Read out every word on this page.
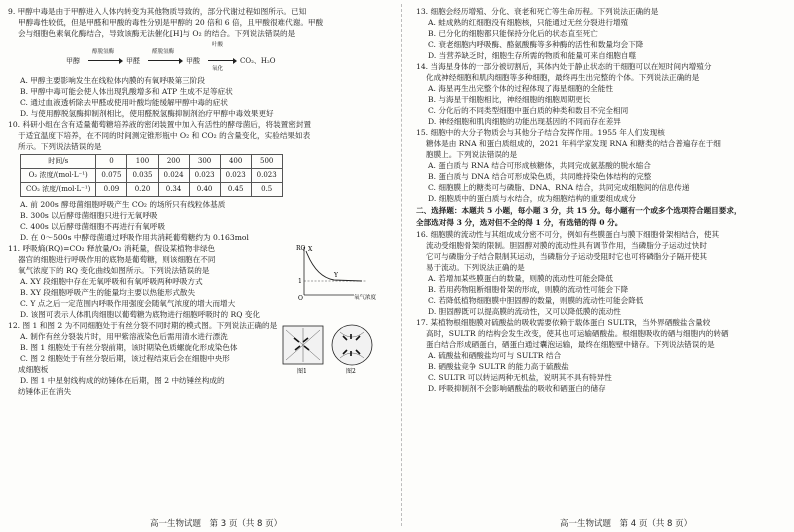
9. 甲醇中毒是由于甲醇进入人体内转变为其他物质导致的，部分代谢过程如图所示。已知

甲醇毒性较低，但是甲醛和甲酸的毒性分别是甲醇的 20 倍和 6 倍，且甲酸很难代谢。甲酸

会与细胞色素氧化酶结合，导致该酶无法催化[H]与 O₂ 的结合。下列说法错误的是

甲醇
醇脱氢酶
甲醛
醛脱氢酶
甲酸
叶酸
氧化
CO₂、H₂O

A. 甲醇主要影响发生在线粒体内膜的有氧呼吸第三阶段

B. 甲醇中毒可能会使人体出现乳酸增多和 ATP 生成不足等症状

C. 通过血液透析除去甲醛或使用叶酸均能缓解甲醇中毒的症状

D. 与使用醇脱氢酶抑制剂相比，使用醛脱氢酶抑制剂治疗甲醇中毒效果更好

10. 科研小组在含有适量葡萄糖培养液的密闭装置中加入有活性的酵母菌后，将装置密封置

于适宜温度下培养，在不同的时间测定锥形瓶中 O₂ 和 CO₂ 的含量变化，实验结果如表

所示。下列说法错误的是

时间/s	0	100	200	300	400	500
O₂ 浓度/(mol·L⁻¹)	0.075	0.035	0.024	0.023	0.023	0.023
CO₂ 浓度/(mol·L⁻¹)	0.09	0.20	0.34	0.40	0.45	0.5

A. 前 200s 酵母菌细胞呼吸产生 CO₂ 的场所只有线粒体基质

B. 300s 以后酵母菌细胞只进行无氧呼吸

C. 400s 以后酵母菌细胞不再进行有氧呼吸

D. 在 0～500s 中酵母菌通过呼吸作用共消耗葡萄糖约为 0.163mol

11. 呼吸熵(RQ)=CO₂ 释放量/O₂ 消耗量，假设某植物非绿色

器官的细胞进行呼吸作用的底物是葡萄糖，则该细胞在不同

氧气浓度下的 RQ 变化曲线如图所示。下列说法错误的是

A. XY 段细胞中存在无氧呼吸和有氧呼吸两种呼吸方式

B. XY 段细胞呼吸产生的能量均主要以热能形式散失

C. Y 点之后一定范围内呼吸作用强度会随氧气浓度的增大而增大

D. 该图可表示人体肌肉细胞以葡萄糖为底物进行细胞呼吸时的 RQ 变化

RQ X
Y
1
O	氧气浓度

12. 图 1 和图 2 为不同细胞处于有丝分裂不同时期的模式图。下列说法正确的是

A. 制作有丝分裂装片时，用甲紫溶液染色后需用清水进行漂洗

B. 图 1 细胞处于有丝分裂前期，该时期染色质螺旋化形成染色体

C. 图 2 细胞处于有丝分裂后期，该过程结束后会在细胞中央形

成细胞板

D. 图 1 中星射线构成的纺锤体在后期，图 2 中纺锤丝构成的

纺锤体正在消失

图1	图2

13. 细胞会经历增殖、分化、衰老和死亡等生命历程。下列说法正确的是

A. 蛙成熟的红细胞没有细胞核，只能通过无丝分裂进行增殖

B. 已分化的细胞都只能保持分化后的状态直至死亡

C. 衰老细胞内呼吸酶、酪氨酸酶等多种酶的活性和数量均会下降

D. 当营养缺乏时，细胞生存所需的物质和能量可来自细胞自噬

14. 当海星身体的一部分被切割后，其体内处于静止状态的干细胞可以在短时间内增殖分

化成神经细胞和肌肉细胞等多种细胞，最终再生出完整的个体。下列说法正确的是

A. 海星再生出完整个体的过程体现了海星细胞的全能性

B. 与海星干细胞相比，神经细胞的细胞周期更长

C. 分化后的不同类型细胞中蛋白质的种类和数目不完全相同

D. 神经细胞和肌肉细胞的功能出现基因的不同而存在差异

15. 细胞中的大分子物质会与其他分子结合发挥作用。1955 年人们发现核

糖体是由 RNA 和蛋白质组成的，2021 年科学家发现 RNA 和糖类的结合普遍存在于细

胞膜上。下列说法错误的是

A. 蛋白质与 RNA 结合可形成核糖体，共同完成氨基酸的脱水缩合

B. 蛋白质与 DNA 结合可形成染色质，共同维持染色体结构的完整

C. 细胞膜上的糖类可与磷脂、DNA、RNA 结合，共同完成细胞间的信息传递

D. 细胞质中的蛋白质与水结合，成为细胞结构的重要组成成分

二、选择题：本题共 5 小题，每小题 3 分，共 15 分。每小题有一个或多个选项符合题目要求，

全部选对得 3 分，选对但不全的得 1 分，有选错的得 0 分。

16. 细胞膜的流动性与其组成成分密不可分，例如有些膜蛋白与膜下细胞骨架相结合，使其

流动受细胞骨架的限制。胆固醇对膜的流动性具有调节作用，当磷脂分子运动过快时

它可与磷脂分子结合限制其运动，当磷脂分子运动受阻时它也可将磷脂分子隔开使其

易于流动。下列说法正确的是

A. 若增加某些膜蛋白的数量，则膜的流动性可能会降低

B. 若用药物阻断细胞骨架的形成，则膜的流动性可能会下降

C. 若降低植物细胞膜中胆固醇的数量，则膜的流动性可能会降低

D. 胆固醇既可以提高膜的流动性，又可以降低膜的流动性

17. 某植物根细胞膜对硫酸盐的吸收需要依赖于载体蛋白 SULTR，当外界硒酸盐含量较

高时，SULTR 的结构会发生改变，使其也可运输硒酸盐。根细胞吸收的硒与细胞内的转硒

蛋白结合形成硒蛋白，硒蛋白通过囊泡运输，最终在细胞壁中储存。下列说法错误的是

A. 硫酸盐和硒酸盐均可与 SULTR 结合

B. 硒酸盐竞争 SULTR 的能力高于硫酸盐

C. SULTR 可以转运两种无机盐，说明其不具有特异性

D. 呼吸抑制剂不会影响硒酸盐的吸收和硒蛋白的储存

高一生物试题　第 3 页（共 8 页）	高一生物试题　第 4 页（共 8 页）
